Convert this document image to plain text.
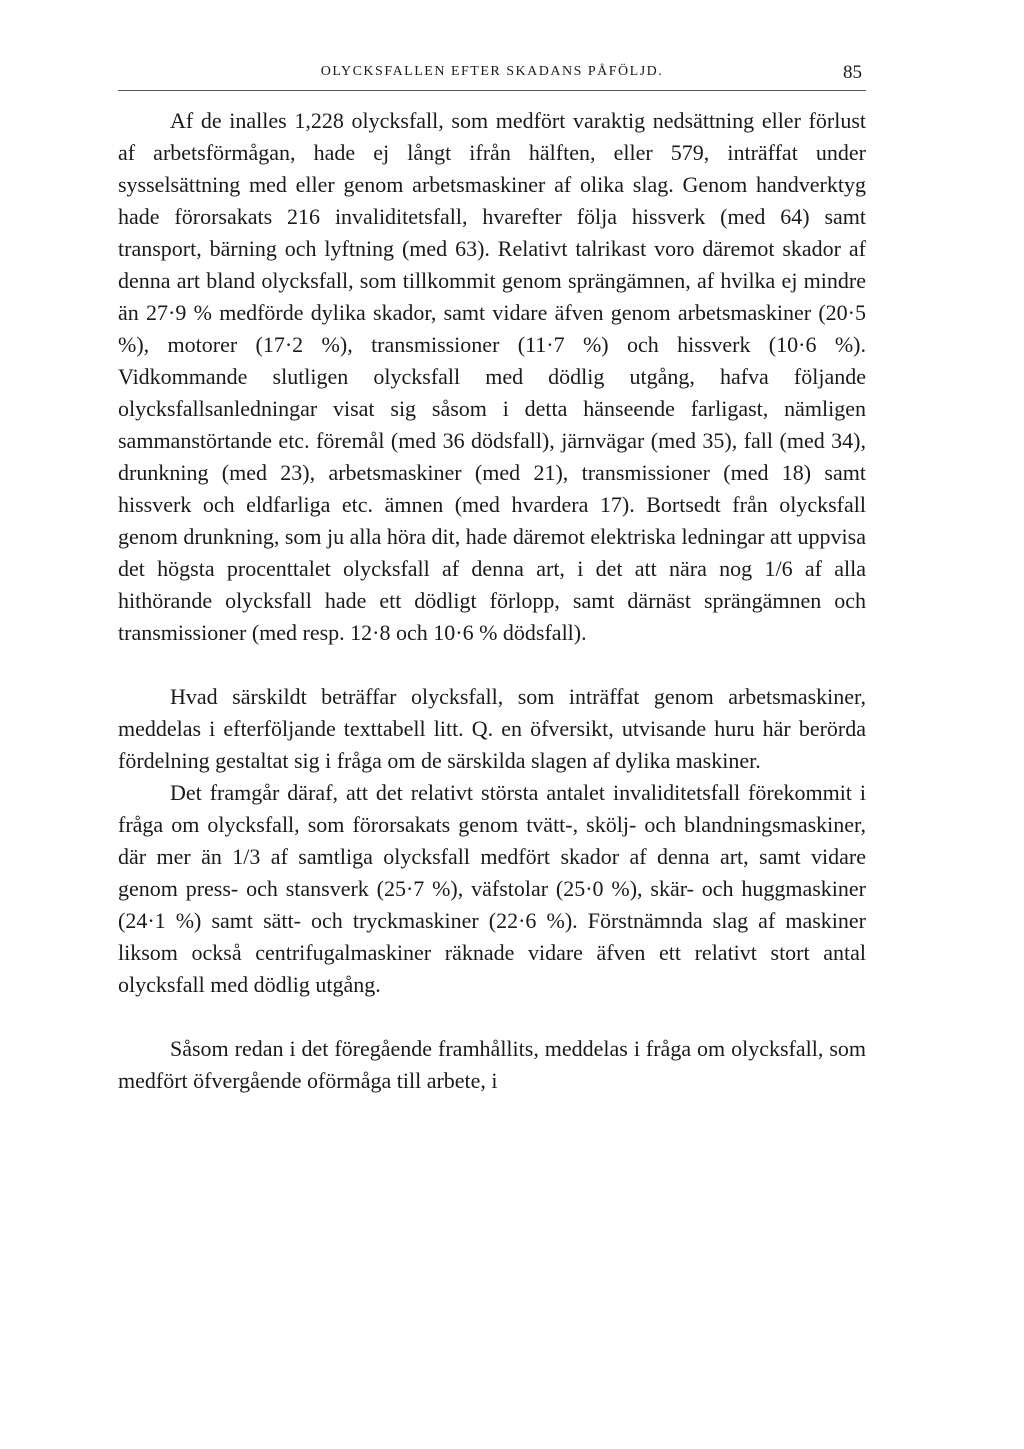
OLYCKSFALLEN EFTER SKADANS PÅFÖLJD.	85

Af de inalles 1,228 olycksfall, som medfört varaktig nedsättning eller förlust af arbetsförmågan, hade ej långt ifrån hälften, eller 579, inträffat under sysselsättning med eller genom arbetsmaskiner af olika slag. Genom handverktyg hade förorsakats 216 invaliditetsfall, hvarefter följa hissverk (med 64) samt transport, bärning och lyftning (med 63). Relativt talrikast voro däremot skador af denna art bland olycksfall, som tillkommit genom sprängämnen, af hvilka ej mindre än 27·9 % medförde dylika skador, samt vidare äfven genom arbetsmaskiner (20·5 %), motorer (17·2 %), transmissioner (11·7 %) och hissverk (10·6 %). Vidkommande slutligen olycksfall med dödlig utgång, hafva följande olycksfallsanledningar visat sig såsom i detta hänseende farligast, nämligen sammanstörtande etc. föremål (med 36 dödsfall), järnvägar (med 35), fall (med 34), drunkning (med 23), arbetsmaskiner (med 21), transmissioner (med 18) samt hissverk och eldfarliga etc. ämnen (med hvardera 17). Bortsedt från olycksfall genom drunkning, som ju alla höra dit, hade däremot elektriska ledningar att uppvisa det högsta procenttalet olycksfall af denna art, i det att nära nog 1/6 af alla hithörande olycksfall hade ett dödligt förlopp, samt därnäst sprängämnen och transmissioner (med resp. 12·8 och 10·6 % dödsfall).

Hvad särskildt beträffar olycksfall, som inträffat genom arbetsmaskiner, meddelas i efterföljande texttabell litt. Q. en öfversikt, utvisande huru här berörda fördelning gestaltat sig i fråga om de särskilda slagen af dylika maskiner.

Det framgår däraf, att det relativt största antalet invaliditetsfall förekommit i fråga om olycksfall, som förorsakats genom tvätt-, skölj- och blandningsmaskiner, där mer än 1/3 af samtliga olycksfall medfört skador af denna art, samt vidare genom press- och stansverk (25·7 %), väfstolar (25·0 %), skär- och huggmaskiner (24·1 %) samt sätt- och tryckmaskiner (22·6 %). Förstnämnda slag af maskiner liksom också centrifugalmaskiner räknade vidare äfven ett relativt stort antal olycksfall med dödlig utgång.

Såsom redan i det föregående framhållits, meddelas i fråga om olycksfall, som medfört öfvergående oförmåga till arbete, i
